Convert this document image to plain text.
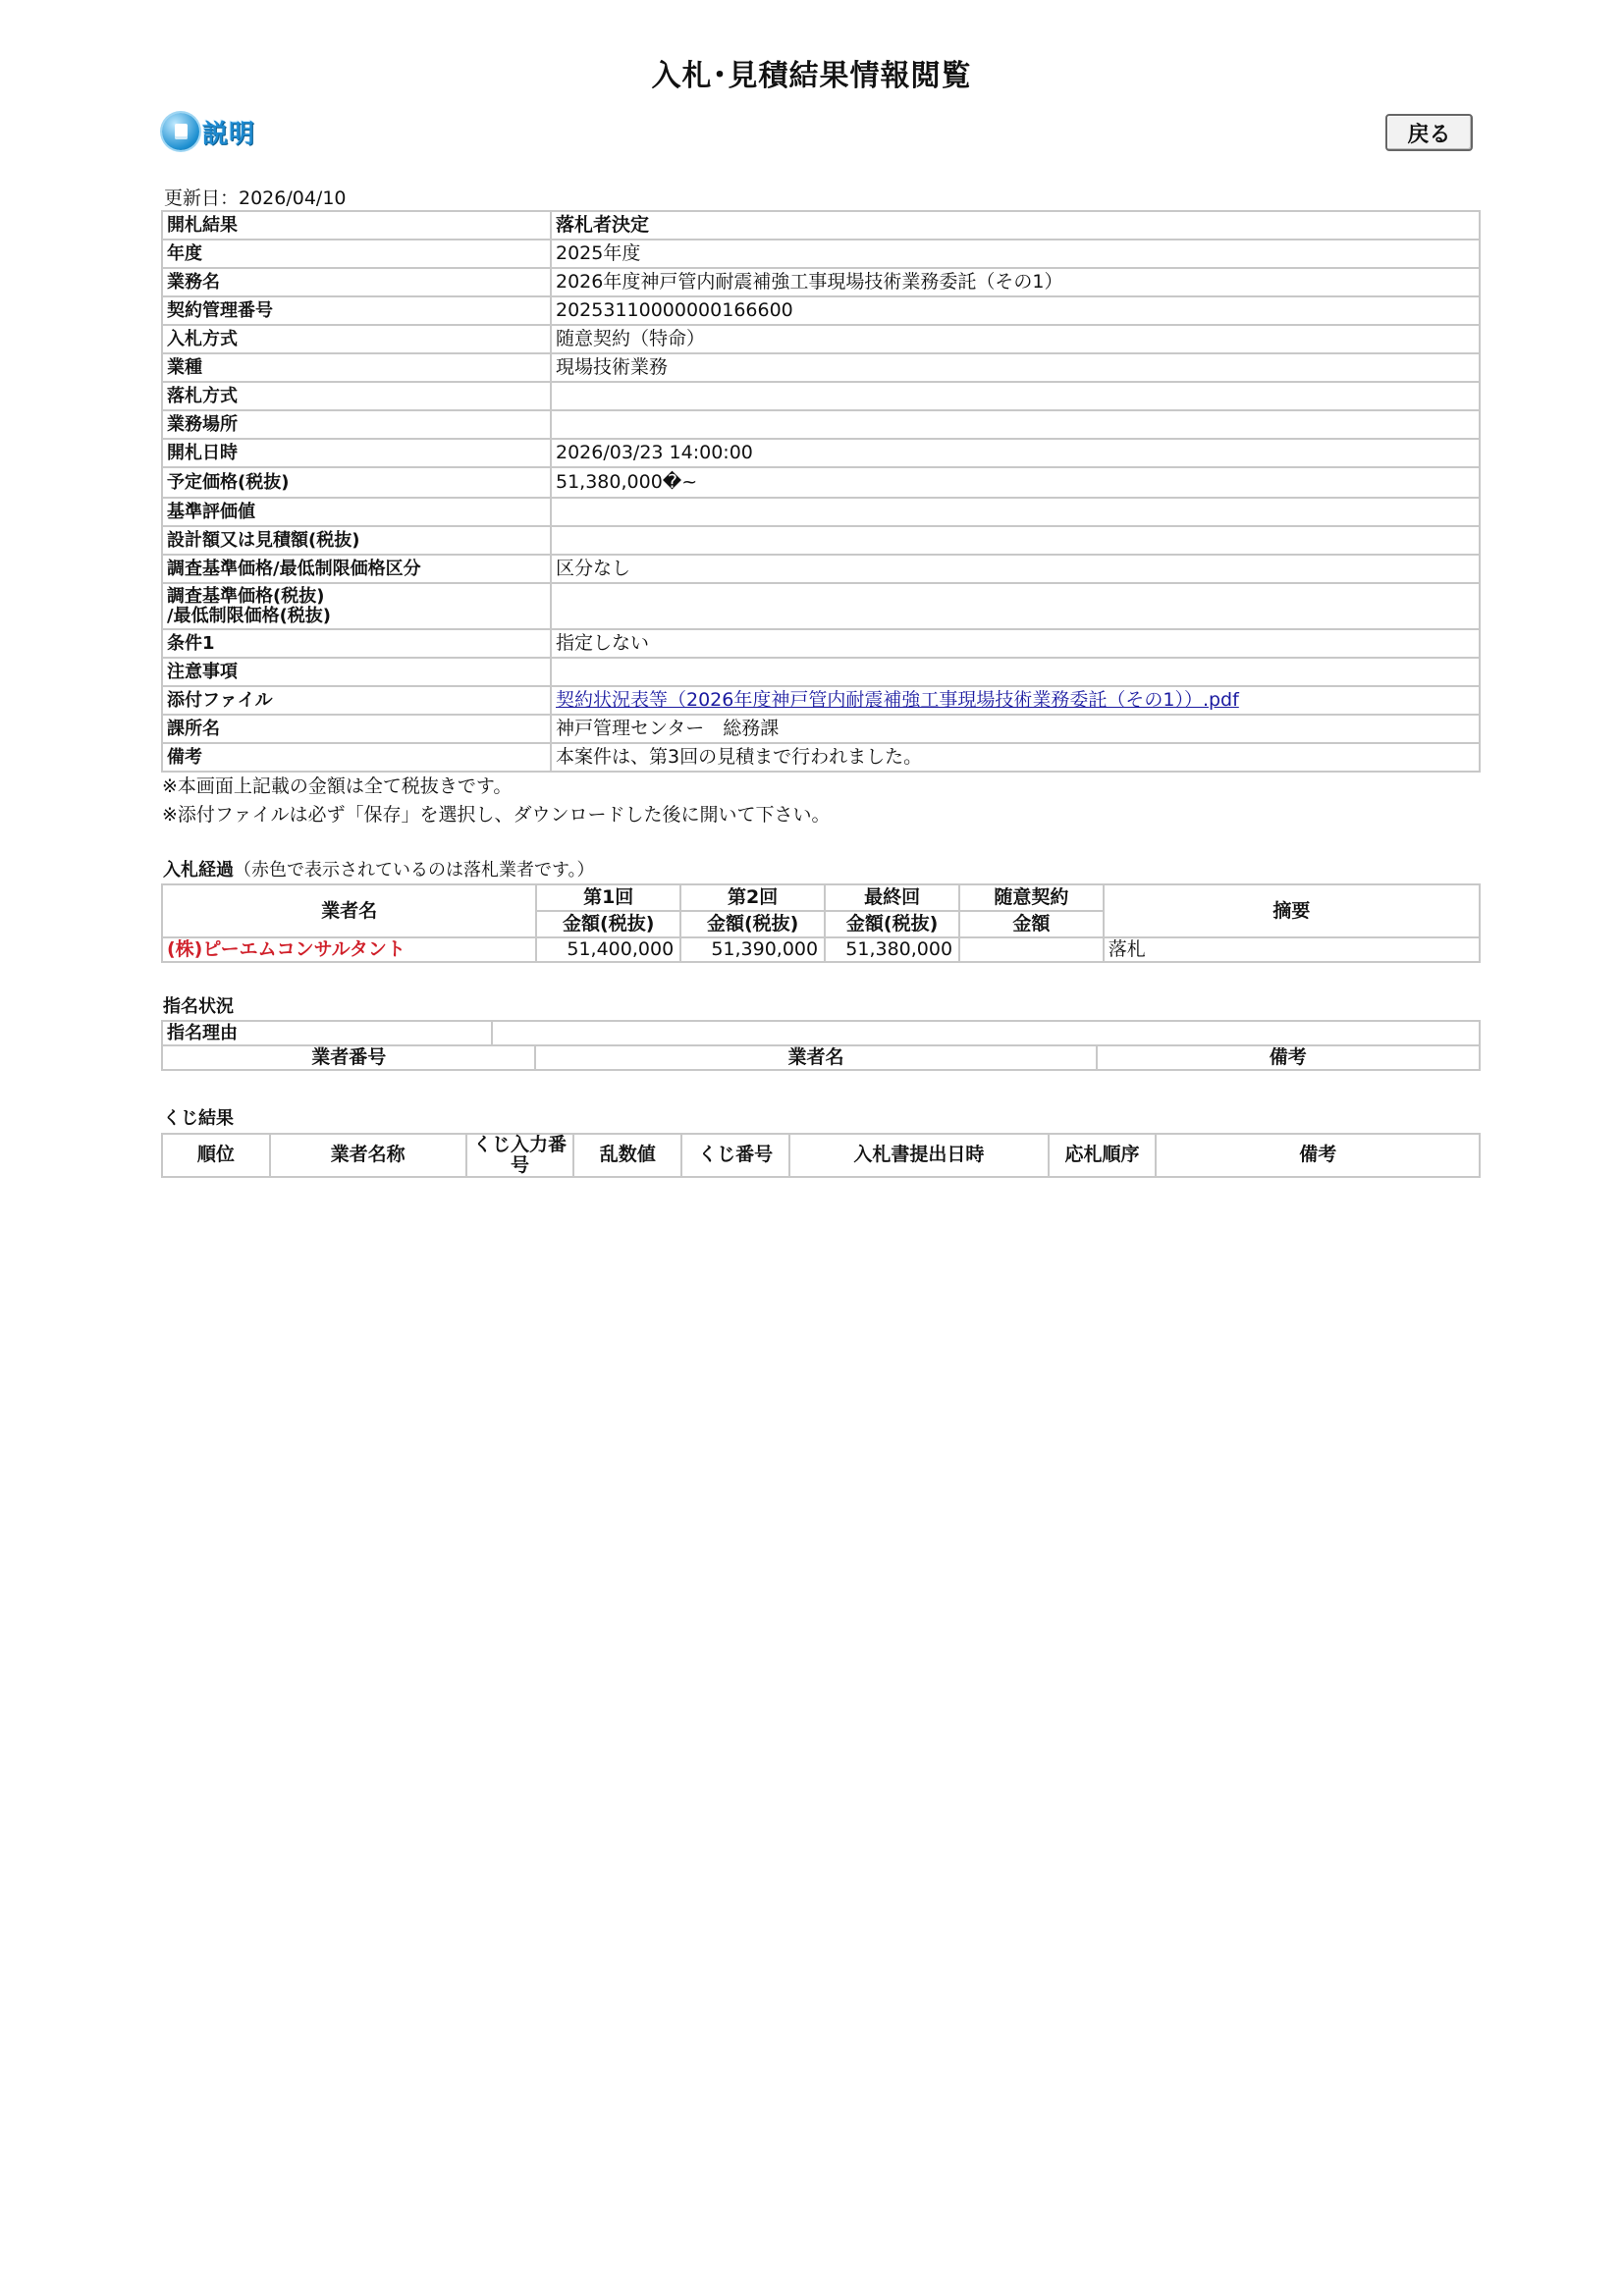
入札･見積結果情報閲覧
説明	戻る
更新日：2026/04/10
開札結果	落札者決定
年度	2025年度
業務名	2026年度神戸管内耐震補強工事現場技術業務委託（その1）
契約管理番号	20253110000000166600
入札方式	随意契約（特命）
業種	現場技術業務
落札方式	
業務場所	
開札日時	2026/03/23 14:00:00
予定価格(税抜)	51,380,000�~
基準評価値	
設計額又は見積額(税抜)	
調査基準価格/最低制限価格区分	区分なし

調査基準価格(税抜)
/最低制限価格(税抜)	

条件1	指定しない
注意事項	
添付ファイル	契約状況表等（2026年度神戸管内耐震補強工事現場技術業務委託（その1））.pdf
課所名	神戸管理センター　総務課
備考	本案件は、第3回の見積まで行われました。
※本画面上記載の金額は全て税抜きです。
※添付ファイルは必ず「保存」を選択し、ダウンロードした後に開いて下さい。
入札経過（赤色で表示されているのは落札業者です。）
業者名	第1回	第2回	最終回	随意契約	摘要
	金額(税抜)	金額(税抜)	金額(税抜)	金額	
(株)ピーエムコンサルタント	51,400,000	51,390,000	51,380,000		落札
指名状況
指名理由			
業者番号		業者名	備考
くじ結果
順位	業者名称	くじ入力番号	乱数値	くじ番号	入札書提出日時	応札順序	備考
